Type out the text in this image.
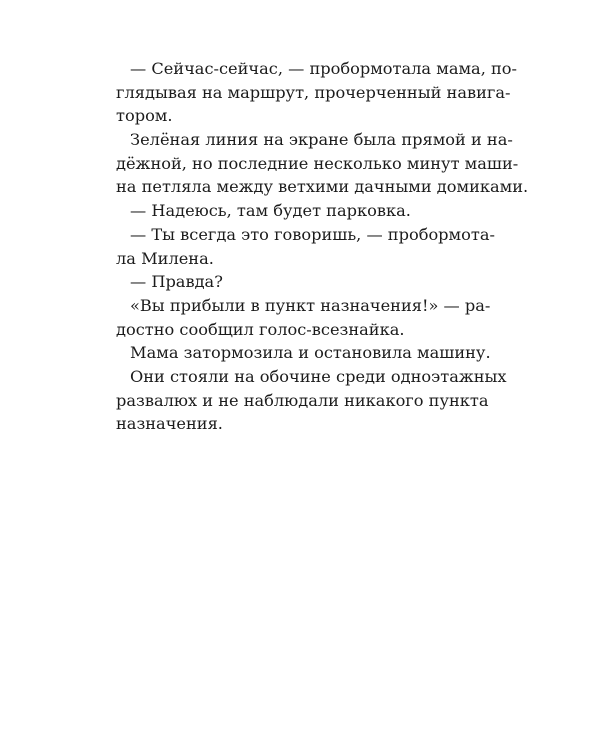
— Сейчас-сейчас, — пробормотала мама, по-
глядывая на маршрут, прочерченный навига-
тором.
Зелёная линия на экране была прямой и на-
дёжной, но последние несколько минут маши-
на петляла между ветхими дачными домиками.
— Надеюсь, там будет парковка.
— Ты всегда это говоришь, — пробормота-
ла Милена.
— Правда?
«Вы прибыли в пункт назначения!» — ра-
достно сообщил голос-всезнайка.
Мама затормозила и остановила машину.
Они стояли на обочине среди одноэтажных
развалюх и не наблюдали никакого пункта
назначения.
